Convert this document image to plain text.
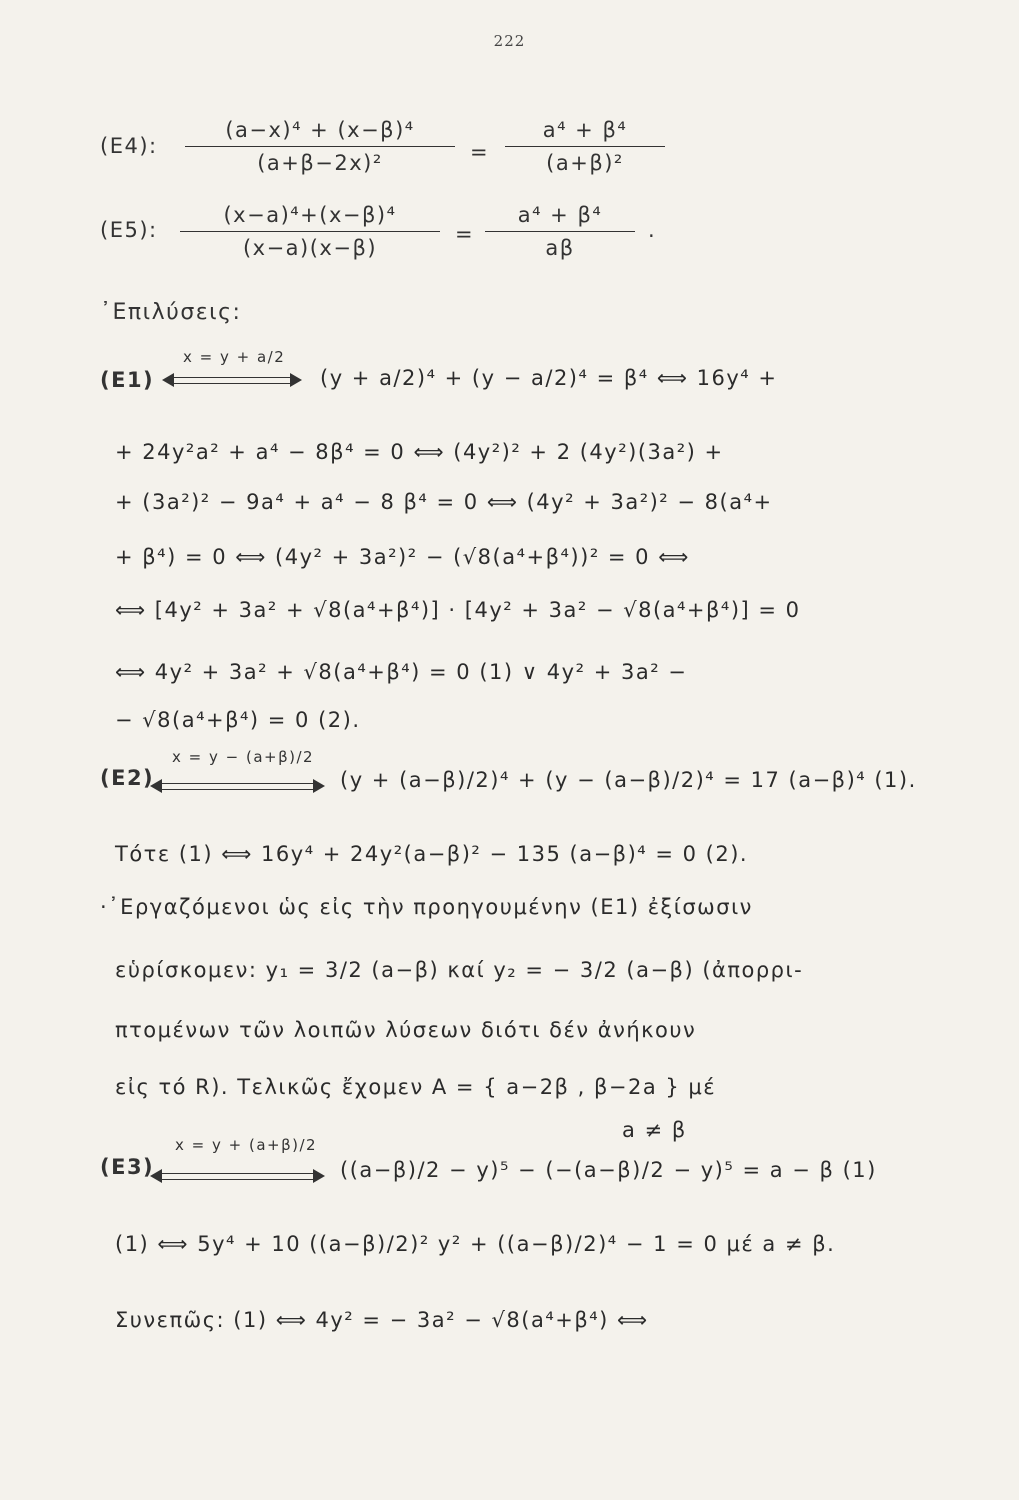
222
(E4):
(a−x)⁴ + (x−β)⁴
(a+β−2x)²	=
a⁴ + β⁴
(a+β)²
(E5):
(x−a)⁴+(x−β)⁴
(x−a)(x−β)
=
a⁴ + β⁴
aβ
.
᾿Επιλύσεις:
(E1)
x = y + a/2
(y + a/2)⁴ + (y − a/2)⁴ = β⁴ ⟺ 16y⁴ +
+ 24y²a² + a⁴ − 8β⁴ = 0 ⟺ (4y²)² + 2 (4y²)(3a²) +
+ (3a²)² − 9a⁴ + a⁴ − 8 β⁴ = 0 ⟺ (4y² + 3a²)² − 8(a⁴+
+ β⁴) = 0 ⟺ (4y² + 3a²)² − (√8(a⁴+β⁴))² = 0 ⟺
⟺ [4y² + 3a² + √8(a⁴+β⁴)] · [4y² + 3a² − √8(a⁴+β⁴)] = 0
⟺ 4y² + 3a² + √8(a⁴+β⁴) = 0 (1) ∨ 4y² + 3a² −
− √8(a⁴+β⁴) = 0 (2).
(E2)
x = y − (a+β)/2
(y + (a−β)/2)⁴ + (y − (a−β)/2)⁴ = 17 (a−β)⁴ (1).
Τότε (1) ⟺ 16y⁴ + 24y²(a−β)² − 135 (a−β)⁴ = 0 (2).
·᾿Εργαζόμενοι ὡς εἰς τὴν προηγουμένην (E1) ἐξίσωσιν
εὑρίσκομεν: y₁ = 3/2 (a−β) καί y₂ = − 3/2 (a−β) (ἀπορρι-
πτομένων τῶν λοιπῶν λύσεων διότι δέν ἀνήκουν
εἰς τό R). Τελικῶς ἔχομεν A = { a−2β , β−2a } μέ
a ≠ β
(E3)
x = y + (a+β)/2
((a−β)/2 − y)⁵ − (−(a−β)/2 − y)⁵ = a − β (1)
(1) ⟺ 5y⁴ + 10 ((a−β)/2)² y² + ((a−β)/2)⁴ − 1 = 0 μέ a ≠ β.
Συνεπῶς: (1) ⟺ 4y² = − 3a² − √8(a⁴+β⁴) ⟺
